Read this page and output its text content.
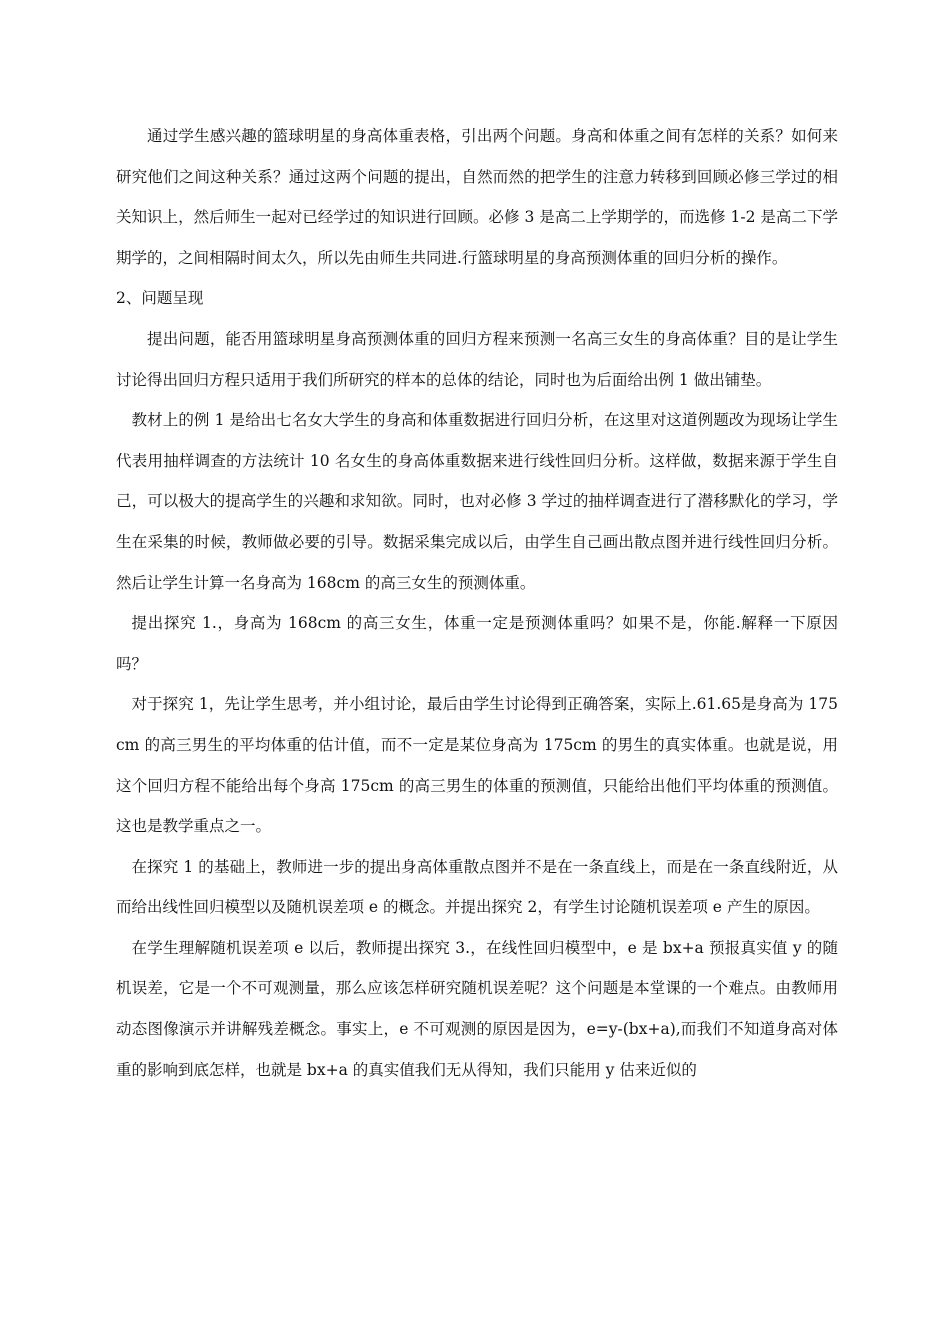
通过学生感兴趣的篮球明星的身高体重表格，引出两个问题。身高和体重之间有怎样的关系？如何来研究他们之间这种关系？通过这两个问题的提出，自然而然的把学生的注意力转移到回顾必修三学过的相关知识上，然后师生一起对已经学过的知识进行回顾。必修 3 是高二上学期学的，而选修 1-2 是高二下学期学的，之间相隔时间太久，所以先由师生共同进.行篮球明星的身高预测体重的回归分析的操作。

2、问题呈现

提出问题，能否用篮球明星身高预测体重的回归方程来预测一名高三女生的身高体重？目的是让学生讨论得出回归方程只适用于我们所研究的样本的总体的结论，同时也为后面给出例 1 做出铺垫。

教材上的例 1 是给出七名女大学生的身高和体重数据进行回归分析，在这里对这道例题改为现场让学生代表用抽样调查的方法统计 10 名女生的身高体重数据来进行线性回归分析。这样做，数据来源于学生自己，可以极大的提高学生的兴趣和求知欲。同时，也对必修 3 学过的抽样调查进行了潜移默化的学习，学生在采集的时候，教师做必要的引导。数据采集完成以后，由学生自己画出散点图并进行线性回归分析。然后让学生计算一名身高为 168cm 的高三女生的预测体重。

提出探究 1.，身高为 168cm 的高三女生，体重一定是预测体重吗？如果不是，你能.解释一下原因吗？

对于探究 1，先让学生思考，并小组讨论，最后由学生讨论得到正确答案，实际上.61.65是身高为 175cm 的高三男生的平均体重的估计值，而不一定是某位身高为 175cm 的男生的真实体重。也就是说，用这个回归方程不能给出每个身高 175cm 的高三男生的体重的预测值，只能给出他们平均体重的预测值。这也是教学重点之一。

在探究 1 的基础上，教师进一步的提出身高体重散点图并不是在一条直线上，而是在一条直线附近，从而给出线性回归模型以及随机误差项 e 的概念。并提出探究 2，有学生讨论随机误差项 e 产生的原因。

在学生理解随机误差项 e 以后，教师提出探究 3.，在线性回归模型中，e 是 bx+a 预报真实值 y 的随机误差，它是一个不可观测量，那么应该怎样研究随机误差呢？这个问题是本堂课的一个难点。由教师用动态图像演示并讲解残差概念。事实上，e 不可观测的原因是因为，e=y-(bx+a),而我们不知道身高对体重的影响到底怎样，也就是 bx+a 的真实值我们无从得知，我们只能用 y 估来近似的
